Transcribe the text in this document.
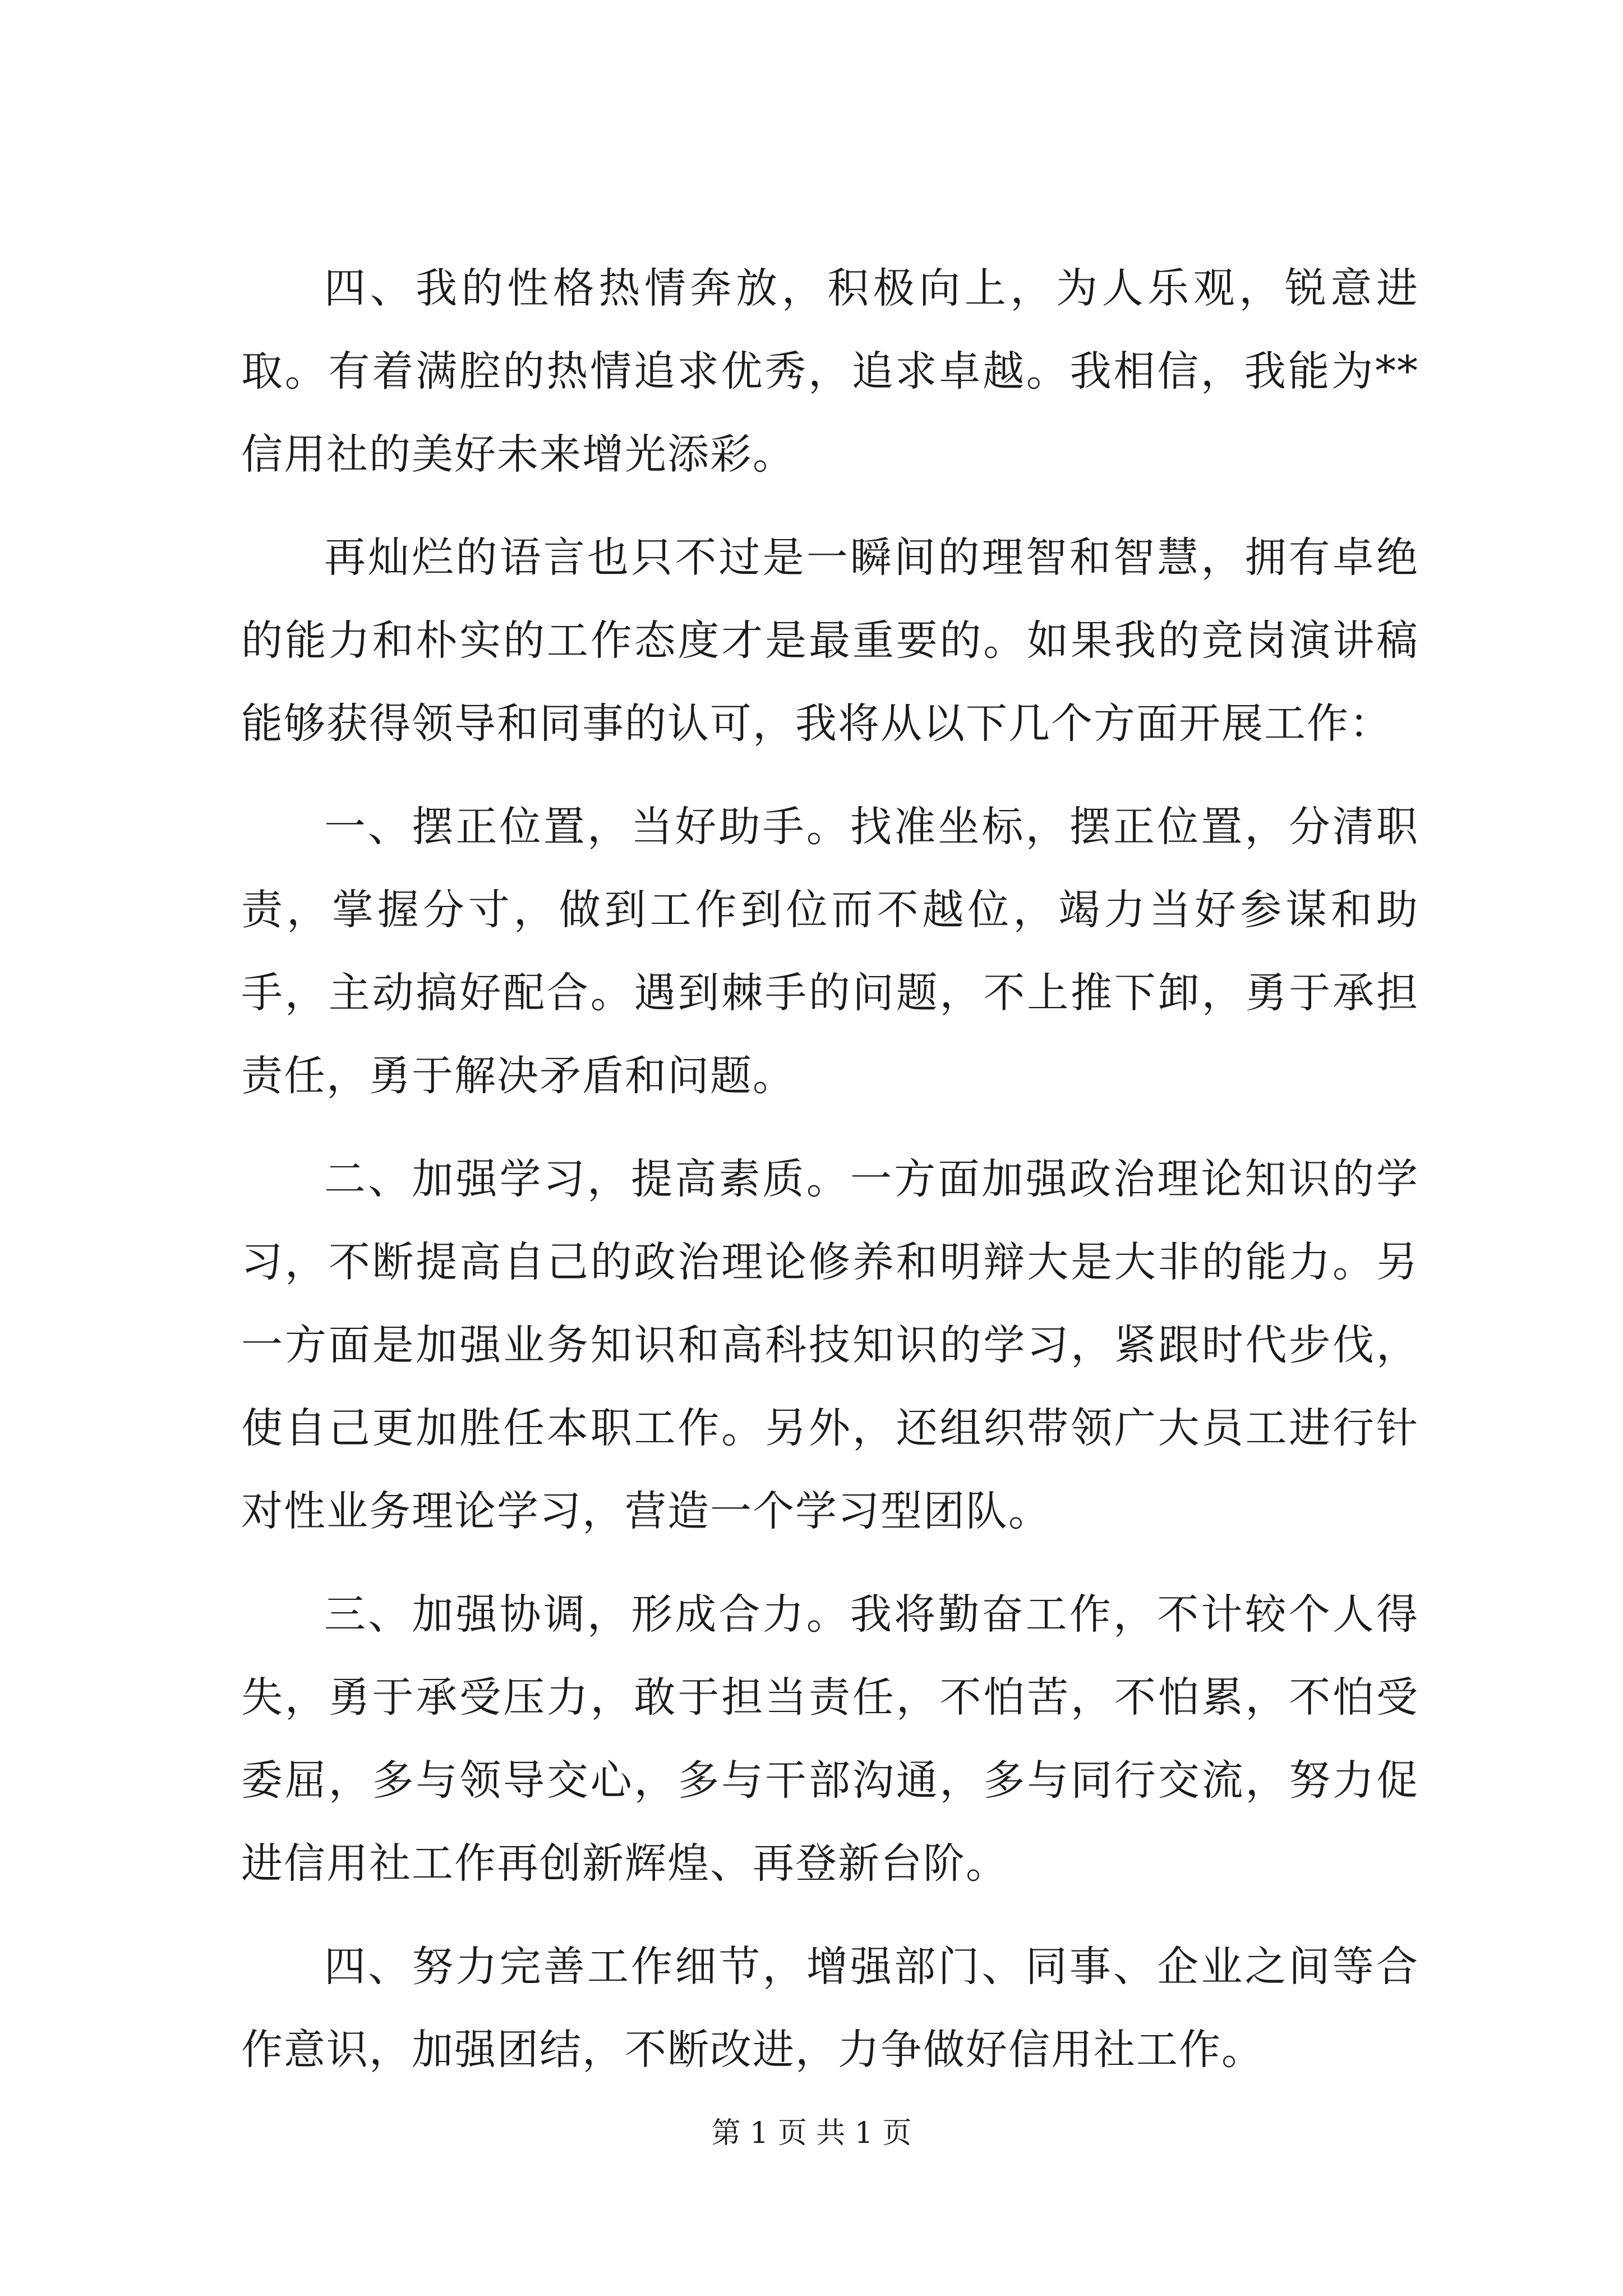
四、我的性格热情奔放，积极向上，为人乐观，锐意进取。有着满腔的热情追求优秀，追求卓越。我相信，我能为**信用社的美好未来增光添彩。

再灿烂的语言也只不过是一瞬间的理智和智慧，拥有卓绝的能力和朴实的工作态度才是最重要的。如果我的竞岗演讲稿能够获得领导和同事的认可，我将从以下几个方面开展工作：

一、摆正位置，当好助手。找准坐标，摆正位置，分清职责，掌握分寸，做到工作到位而不越位，竭力当好参谋和助手，主动搞好配合。遇到棘手的问题，不上推下卸，勇于承担责任，勇于解决矛盾和问题。

二、加强学习，提高素质。一方面加强政治理论知识的学习，不断提高自己的政治理论修养和明辩大是大非的能力。另一方面是加强业务知识和高科技知识的学习，紧跟时代步伐，使自己更加胜任本职工作。另外，还组织带领广大员工进行针对性业务理论学习，营造一个学习型团队。

三、加强协调，形成合力。我将勤奋工作，不计较个人得失，勇于承受压力，敢于担当责任，不怕苦，不怕累，不怕受委屈，多与领导交心，多与干部沟通，多与同行交流，努力促进信用社工作再创新辉煌、再登新台阶。

四、努力完善工作细节，增强部门、同事、企业之间等合作意识，加强团结，不断改进，力争做好信用社工作。

第 1 页 共 1 页
